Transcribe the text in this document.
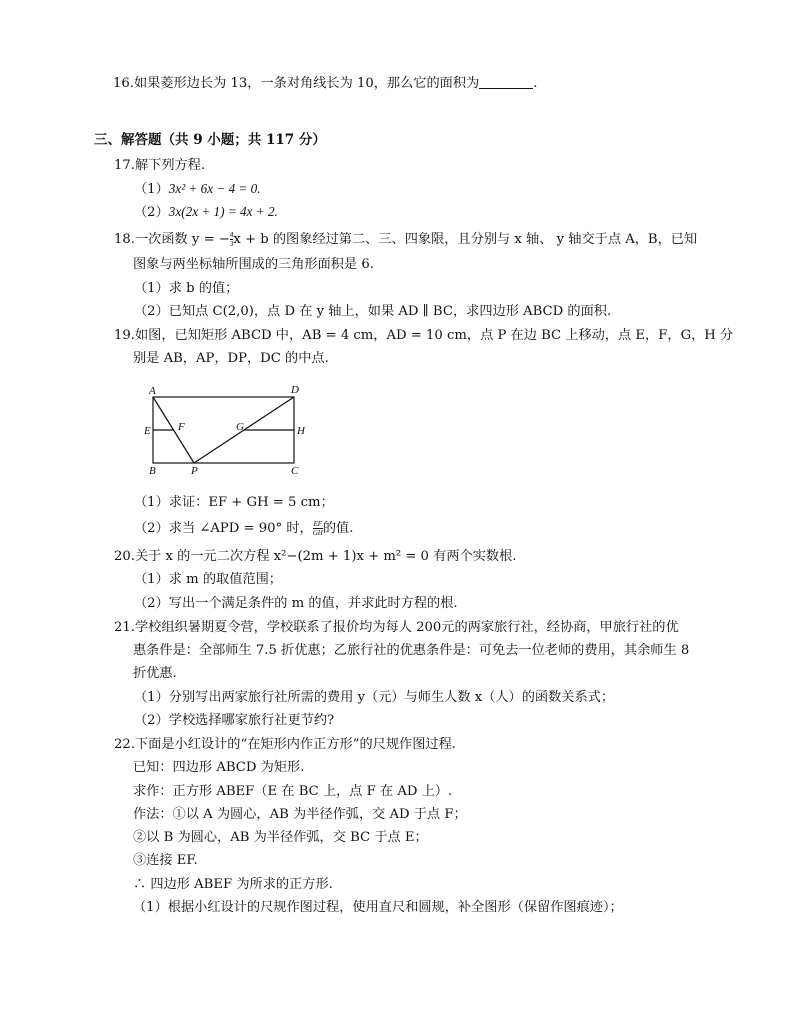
16.如果菱形边长为 13，一条对角线长为 10，那么它的面积为	.
三、解答题（共 9 小题；共 117 分）
17.解下列方程.
（1）3x² + 6x − 4 = 0.
（2）3x(2x + 1) = 4x + 2.
18.一次函数 y = − $\frac{4}{3}$ x + b 的图象经过第二、三、四象限，且分别与 x 轴、 y 轴交于点 A，B，已知
图象与两坐标轴所围成的三角形面积是 6.
（1）求 b 的值；
（2）已知点 C(2,0)，点 D 在 y 轴上，如果 AD ∥ BC，求四边形 ABCD 的面积.
19.如图，已知矩形 ABCD 中，AB = 4 cm，AD = 10 cm，点 P 在边 BC 上移动，点 E，F，G，H 分
别是 AB，AP，DP，DC 的中点.
A	D
E F	G	H
B	P	C
（1）求证：EF + GH = 5 cm；
（2）求当 ∠APD = 90° 时， $\frac{EF}{GH}$ 的值.
20.关于 x 的一元二次方程 x²−(2m + 1)x + m² = 0 有两个实数根.
（1）求 m 的取值范围；
（2）写出一个满足条件的 m 的值，并求此时方程的根.
21.学校组织暑期夏令营，学校联系了报价均为每人 200元的两家旅行社，经协商，甲旅行社的优
惠条件是：全部师生 7.5 折优惠；乙旅行社的优惠条件是：可免去一位老师的费用，其余师生 8
折优惠.
（1）分别写出两家旅行社所需的费用 y（元）与师生人数 x（人）的函数关系式；
（2）学校选择哪家旅行社更节约?
22.下面是小红设计的“在矩形内作正方形”的尺规作图过程.
已知：四边形 ABCD 为矩形.
求作：正方形 ABEF（E 在 BC 上，点 F 在 AD 上）.
作法：①以 A 为圆心，AB 为半径作弧，交 AD 于点 F；
②以 B 为圆心，AB 为半径作弧，交 BC 于点 E；
③连接 EF.
∴ 四边形 ABEF 为所求的正方形.
（1）根据小红设计的尺规作图过程，使用直尺和圆规，补全图形（保留作图痕迹）；
